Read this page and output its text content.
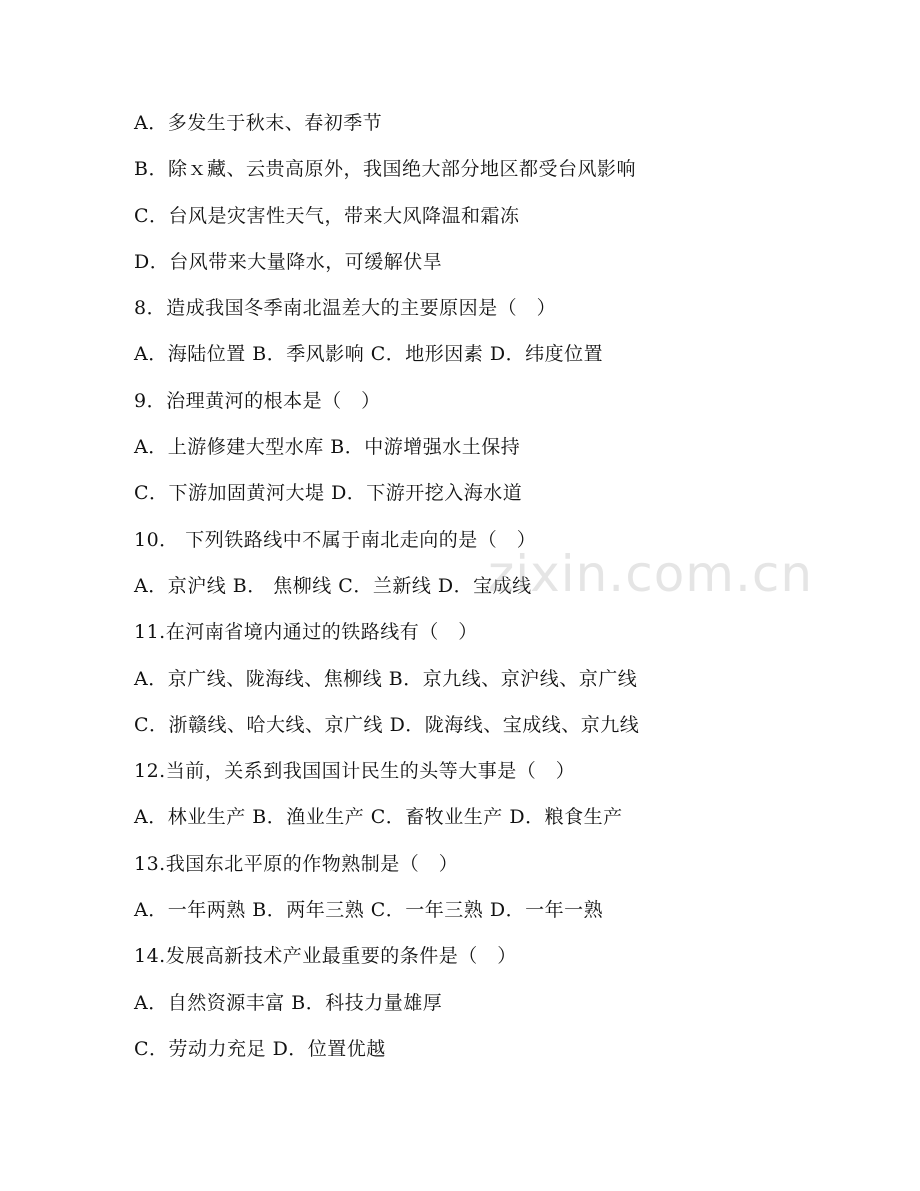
A．多发生于秋末、春初季节
B．除ｘ藏、云贵高原外，我国绝大部分地区都受台风影响
C．台风是灾害性天气，带来大风降温和霜冻
D．台风带来大量降水，可缓解伏旱
8．造成我国冬季南北温差大的主要原因是（　）
A．海陆位置 B．季风影响 C．地形因素 D．纬度位置
9．治理黄河的根本是（　）
A．上游修建大型水库 B．中游增强水土保持
C．下游加固黄河大堤 D．下游开挖入海水道
10． 下列铁路线中不属于南北走向的是（　）
A．京沪线 B． 焦柳线 C．兰新线 D．宝成线
11.在河南省境内通过的铁路线有（　）
A．京广线、陇海线、焦柳线 B．京九线、京沪线、京广线
C．浙赣线、哈大线、京广线 D．陇海线、宝成线、京九线
12.当前，关系到我国国计民生的头等大事是（　）
A．林业生产 B．渔业生产 C．畜牧业生产 D．粮食生产
13.我国东北平原的作物熟制是（　）
A．一年两熟 B．两年三熟 C．一年三熟 D．一年一熟
14.发展高新技术产业最重要的条件是（　）
A．自然资源丰富 B．科技力量雄厚
C．劳动力充足 D．位置优越
zixin.com.cn
